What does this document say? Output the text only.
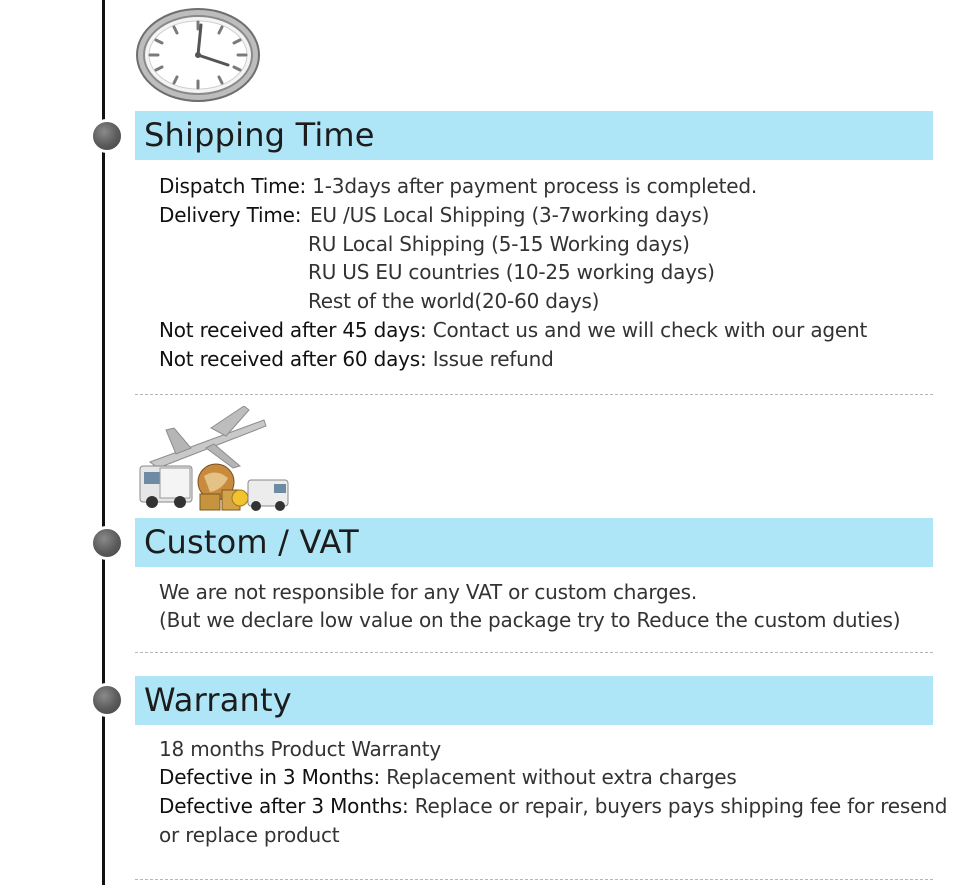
Shipping Time
Dispatch Time: 1-3days after payment process is completed.
Delivery Time: EU /US Local Shipping (3-7working days)
RU Local Shipping (5-15 Working days)
RU US EU countries (10-25 working days)
Rest of the world(20-60 days)
Not received after 45 days: Contact us and we will check with our agent
Not received after 60 days: Issue refund
Custom / VAT
We are not responsible for any VAT or custom charges.
(But we declare low value on the package try to Reduce the custom duties)
Warranty
18 months Product Warranty
Defective in 3 Months: Replacement without extra charges
Defective after 3 Months: Replace or repair, buyers pays shipping fee for resend
or replace product
